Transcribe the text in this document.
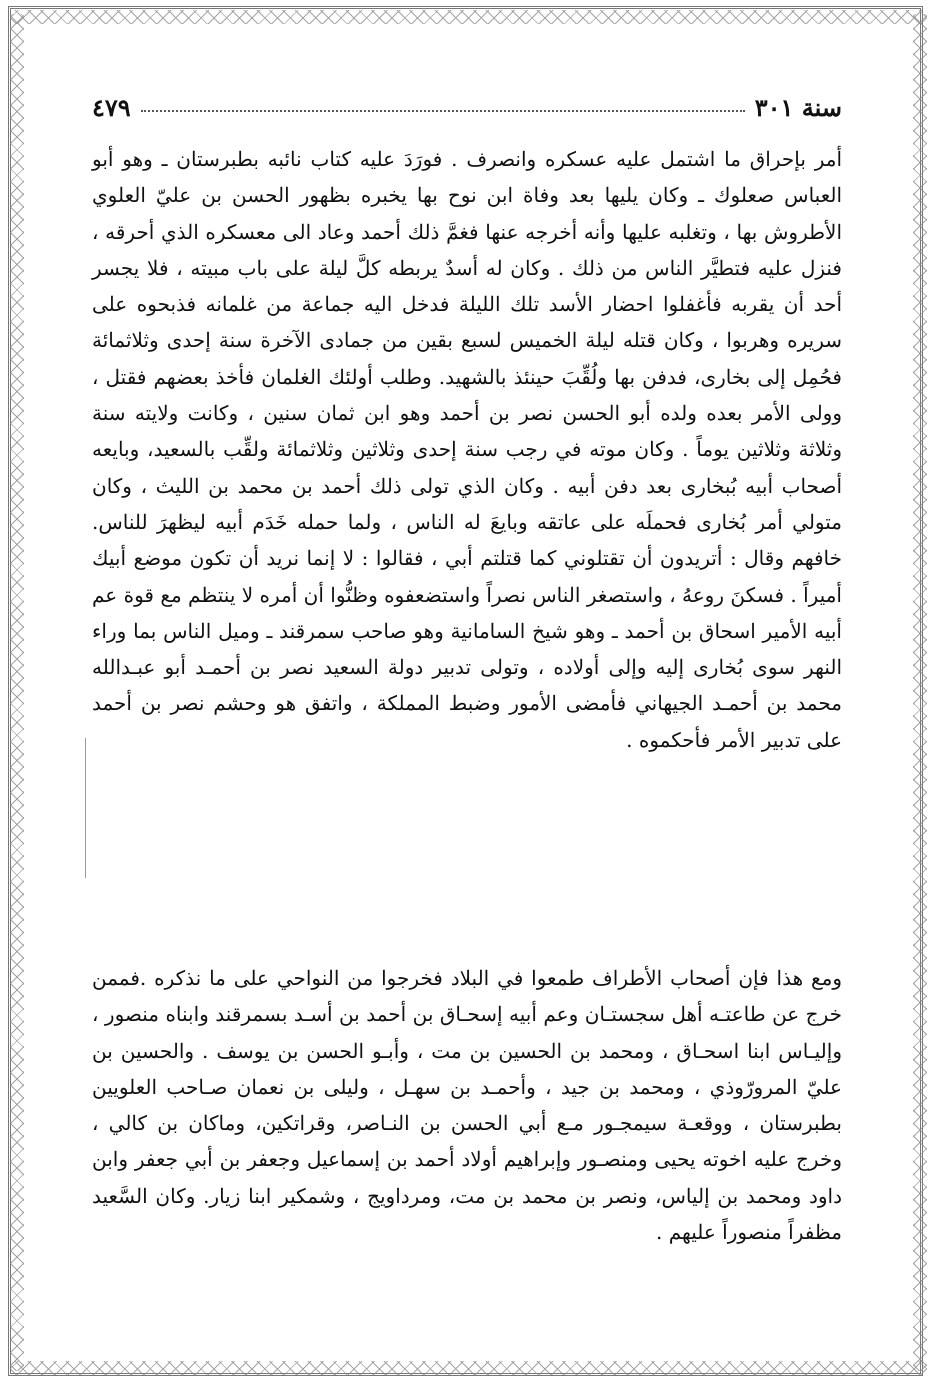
سنة ٣٠١
٤٧٩

أمر بإحراق ما اشتمل عليه عسكره وانصرف . فورَدَ عليه كتاب نائبه بطبرستان ـ وهو أبو العباس صعلوك ـ وكان يليها بعد وفاة ابن نوح بها يخبره بظهور الحسن بن عليّ العلوي الأطروش بها ، وتغلبه عليها وأنه أخرجه عنها فغمَّ ذلك أحمد وعاد الى معسكره الذي أحرقه ، فنزل عليه فتطيَّر الناس من ذلك . وكان له أسدٌ يربطه كلَّ ليلة على باب مبيته ، فلا يجسر أحد أن يقربه فأغفلوا احضار الأسد تلك الليلة فدخل اليه جماعة من غلمانه فذبحوه على سريره وهربوا ، وكان قتله ليلة الخميس لسبع بقين من جمادى الآخرة سنة إحدى وثلاثمائة فحُمِل إلى بخارى، فدفن بها ولُقِّبَ حينئذ بالشهيد. وطلب أولئك الغلمان فأخذ بعضهم فقتل ، وولى الأمر بعده ولده أبو الحسن نصر بن أحمد وهو ابن ثمان سنين ، وكانت ولايته سنة وثلاثة وثلاثين يوماً . وكان موته في رجب سنة إحدى وثلاثين وثلاثمائة ولقِّب بالسعيد، وبايعه أصحاب أبيه بُبخارى بعد دفن أبيه . وكان الذي تولى ذلك أحمد بن محمد بن الليث ، وكان متولي أمر بُخارى فحملَه على عاتقه وبايعَ له الناس ، ولما حمله خَدَم أبيه ليظهرَ للناس. خافهم وقال : أتريدون أن تقتلوني كما قتلتم أبي ، فقالوا : لا إنما نريد أن تكون موضع أبيك أميراً . فسكنَ روعهُ ، واستصغر الناس نصراً واستضعفوه وظنُّوا أن أمره لا ينتظم مع قوة عم أبيه الأمير اسحاق بن أحمد ـ وهو شيخ السامانية وهو صاحب سمرقند ـ وميل الناس بما وراء النهر سوى بُخارى إليه وإلى أولاده ، وتولى تدبير دولة السعيد نصر بن أحمـد أبو عبـدالله محمد بن أحمـد الجيهاني فأمضى الأمور وضبط المملكة ، واتفق هو وحشم نصر بن أحمد على تدبير الأمر فأحكموه .

ومع هذا فإن أصحاب الأطراف طمعوا في البلاد فخرجوا من النواحي على ما نذكره .فممن خرج عن طاعتـه أهل سجستـان وعم أبيه إسحـاق بن أحمد بن أسـد بسمرقند وابناه منصور ، وإليـاس ابنا اسحـاق ، ومحمد بن الحسين بن مت ، وأبـو الحسن بن يوسف . والحسين بن عليّ المرورّوذي ، ومحمد بن جيد ، وأحمـد بن سهـل ، وليلى بن نعمان صـاحب العلويين بطبرستان ، ووقعـة سيمجـور مـع أبي الحسن بن النـاصر، وقراتكين، وماكان بن كالي ، وخرج عليه اخوته يحيى ومنصـور وإبراهيم أولاد أحمد بن إسماعيل وجعفر بن أبي جعفر وابن داود ومحمد بن إلياس، ونصر بن محمد بن مت، ومرداويج ، وشمكير ابنا زيار. وكان السَّعيد مظفراً منصوراً عليهم .
